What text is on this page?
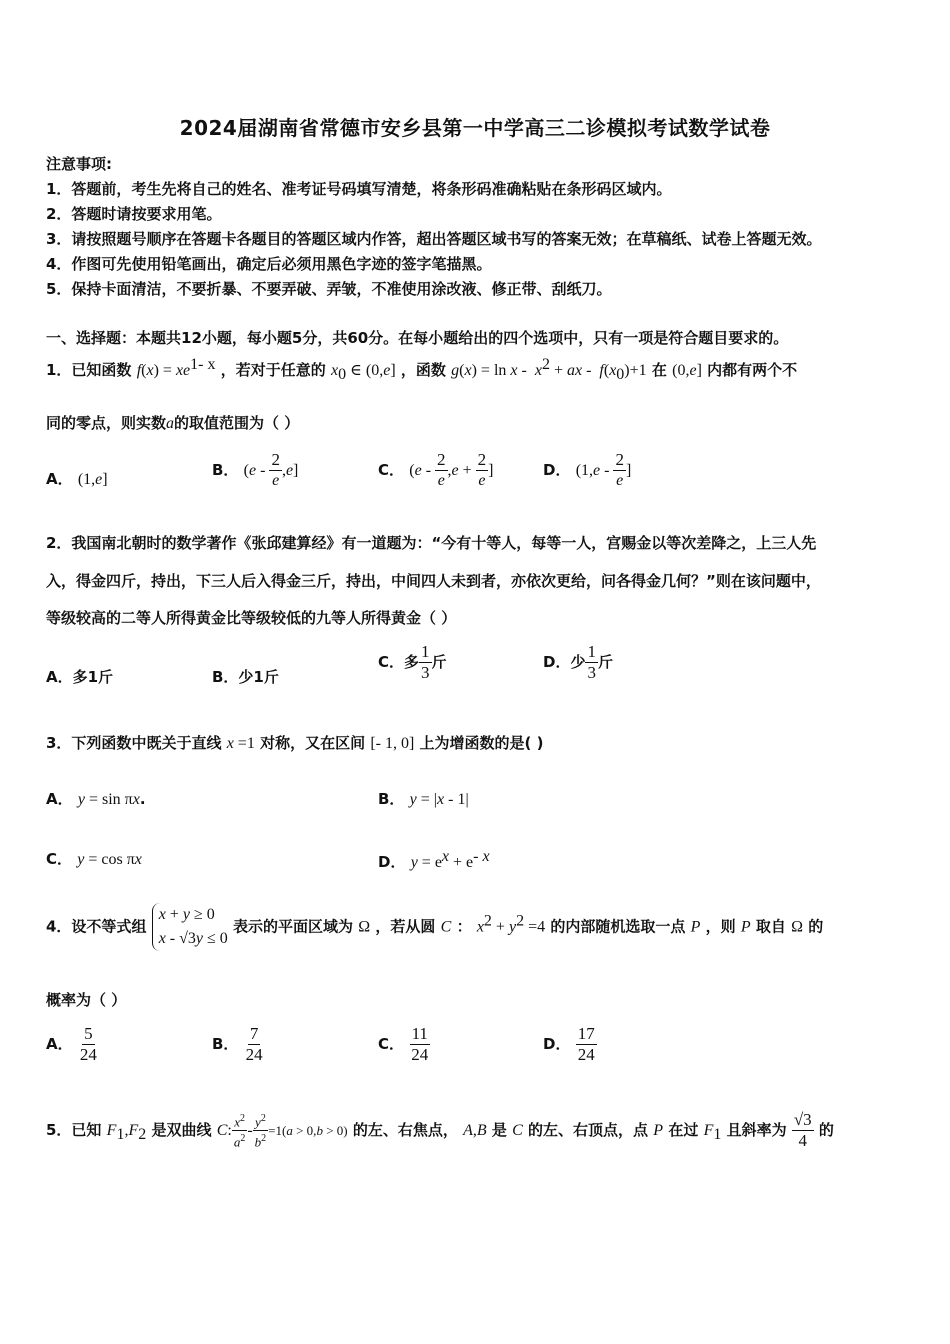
2024届湖南省常德市安乡县第一中学高三二诊模拟考试数学试卷
注意事项:
1．答题前，考生先将自己的姓名、准考证号码填写清楚，将条形码准确粘贴在条形码区域内。
2．答题时请按要求用笔。
3．请按照题号顺序在答题卡各题目的答题区域内作答，超出答题区域书写的答案无效；在草稿纸、试卷上答题无效。
4．作图可先使用铅笔画出，确定后必须用黑色字迹的签字笔描黑。
5．保持卡面清洁，不要折暴、不要弄破、弄皱，不准使用涂改液、修正带、刮纸刀。
一、选择题：本题共12小题，每小题5分，共60分。在每小题给出的四个选项中，只有一项是符合题目要求的。
1．已知函数 $f(x) = xe^{1- x}$ ，若对于任意的 $x_0$ ∈ (0,e] ，函数 $g(x) = \ln x - x^2$ + ax -  $f(x_0)+1$ 在 (0,e] 内都有两个不
同的零点，则实数a的取值范围为（ ）
A． (1,e]
B． $(e - \frac{2}{e} ,e]$	C． ($e - \frac{2}{e} ,e + \frac{2}{e}$ ]	D． ($1,e - \frac{2}{e}$ ]
2．我国南北朝时的数学著作《张邱建算经》有一道题为：“今有十等人，每等一人，宫赐金以等次差降之，上三人先
入，得金四斤，持出，下三人后入得金三斤，持出，中间四人未到者，亦依次更给，问各得金几何？”则在该问题中，
等级较高的二等人所得黄金比等级较低的九等人所得黄金（ ）
A．多1斤	B．少1斤
C．多 $\frac{1}{3}$ 斤	D．少 $\frac{1}{3}$ 斤
3．下列函数中既关于直线 x =1 对称，又在区间 [- 1, 0] 上为增函数的是( )
A． y = sin πx.	B． y = |x - 1|
C． y = cos πx	D． $y = e^x + e^{- x}$
4．设不等式组 x + y ≥ 0
x - √3y ≤ 0 表示的平面区域为 Ω ，若从圆 C ： $x^2 + y^2 =4$ 的内部随机选取一点 P ，则 P 取自 Ω 的
概率为（ ）
A． $\frac{5}{24}$	B． $\frac{7}{24}$	C． $\frac{11}{24}$	D． $\frac{17}{24}$
5．已知 $F_1,F_2$ 是双曲线 C: $\frac{x^2}{a^2} - \frac{y^2}{b^2} =1(a > 0,b > 0)$ 的左、右焦点， A,B 是 C 的左、右顶点，点 P 在过 $F_1$ 且斜率为 $\frac{√3}{4}$ 的
